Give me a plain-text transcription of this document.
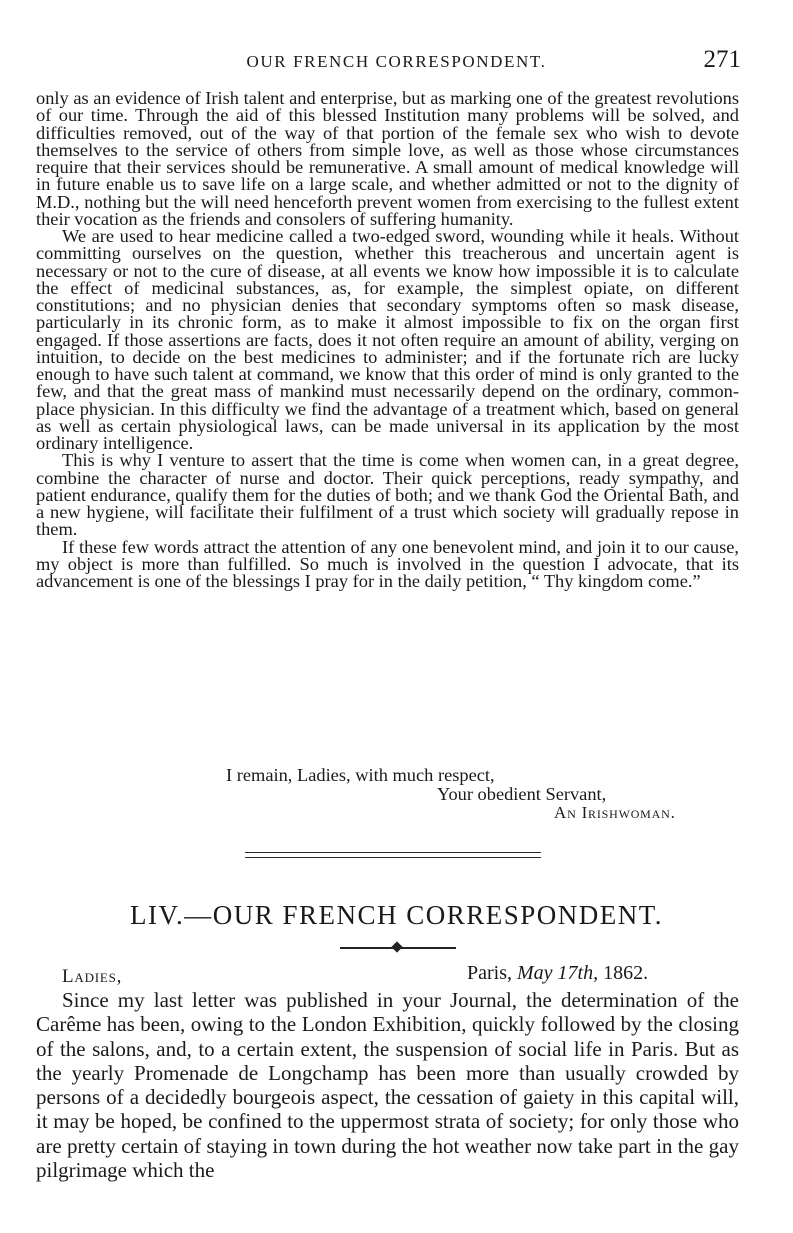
OUR FRENCH CORRESPONDENT.	271

only as an evidence of Irish talent and enterprise, but as marking one of the greatest revolutions of our time. Through the aid of this blessed Institution many problems will be solved, and difficulties removed, out of the way of that portion of the female sex who wish to devote themselves to the service of others from simple love, as well as those whose circumstances require that their services should be remunerative. A small amount of medical knowledge will in future enable us to save life on a large scale, and whether admitted or not to the dignity of M.D., nothing but the will need henceforth prevent women from exercising to the fullest extent their vocation as the friends and consolers of suffering humanity.

We are used to hear medicine called a two-edged sword, wounding while it heals. Without committing ourselves on the question, whether this treacherous and uncertain agent is necessary or not to the cure of disease, at all events we know how impossible it is to calculate the effect of medicinal substances, as, for example, the simplest opiate, on different constitutions; and no physician denies that secondary symptoms often so mask disease, particularly in its chronic form, as to make it almost impossible to fix on the organ first engaged. If those assertions are facts, does it not often require an amount of ability, verging on intuition, to decide on the best medicines to administer; and if the fortunate rich are lucky enough to have such talent at command, we know that this order of mind is only granted to the few, and that the great mass of mankind must necessarily depend on the ordinary, common-place physician. In this difficulty we find the advantage of a treatment which, based on general as well as certain physiological laws, can be made universal in its application by the most ordinary intelligence.

This is why I venture to assert that the time is come when women can, in a great degree, combine the character of nurse and doctor. Their quick perceptions, ready sympathy, and patient endurance, qualify them for the duties of both; and we thank God the Oriental Bath, and a new hygiene, will facilitate their fulfilment of a trust which society will gradually repose in them.

If these few words attract the attention of any one benevolent mind, and join it to our cause, my object is more than fulfilled. So much is involved in the question I advocate, that its advancement is one of the blessings I pray for in the daily petition, “ Thy kingdom come.”

I remain, Ladies, with much respect,
Your obedient Servant,
An Irishwoman.
LIV.—OUR FRENCH CORRESPONDENT.
Ladies,	Paris, May 17th, 1862.

Since my last letter was published in your Journal, the determination of the Carême has been, owing to the London Exhibition, quickly followed by the closing of the salons, and, to a certain extent, the suspension of social life in Paris. But as the yearly Promenade de Longchamp has been more than usually crowded by persons of a decidedly bourgeois aspect, the cessation of gaiety in this capital will, it may be hoped, be confined to the uppermost strata of society; for only those who are pretty certain of staying in town during the hot weather now take part in the gay pilgrimage which the
